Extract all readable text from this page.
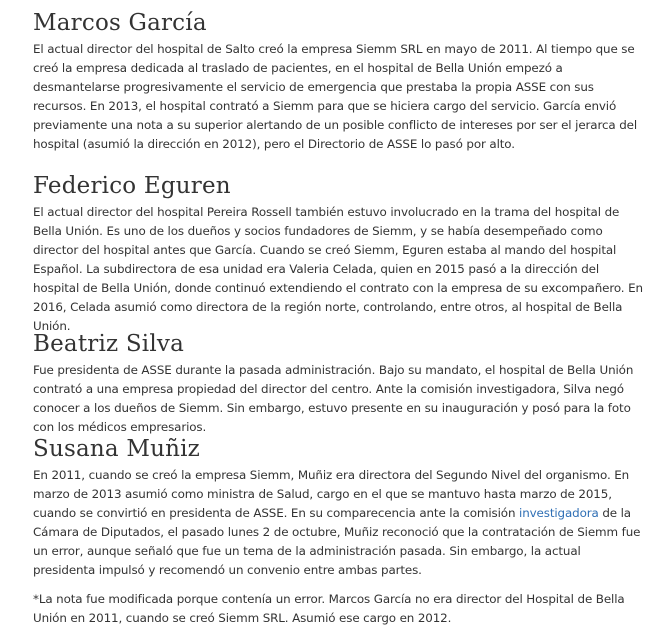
Marcos García

El actual director del hospital de Salto creó la empresa Siemm SRL en mayo de 2011. Al tiempo que se creó la empresa dedicada al traslado de pacientes, en el hospital de Bella Unión empezó a desmantelarse progresivamente el servicio de emergencia que prestaba la propia ASSE con sus recursos. En 2013, el hospital contrató a Siemm para que se hiciera cargo del servicio. García envió previamente una nota a su superior alertando de un posible conflicto de intereses por ser el jerarca del hospital (asumió la dirección en 2012), pero el Directorio de ASSE lo pasó por alto.

Federico Eguren

El actual director del hospital Pereira Rossell también estuvo involucrado en la trama del hospital de Bella Unión. Es uno de los dueños y socios fundadores de Siemm, y se había desempeñado como director del hospital antes que García. Cuando se creó Siemm, Eguren estaba al mando del hospital Español. La subdirectora de esa unidad era Valeria Celada, quien en 2015 pasó a la dirección del hospital de Bella Unión, donde continuó extendiendo el contrato con la empresa de su excompañero. En 2016, Celada asumió como directora de la región norte, controlando, entre otros, al hospital de Bella Unión.

Beatriz Silva

Fue presidenta de ASSE durante la pasada administración. Bajo su mandato, el hospital de Bella Unión contrató a una empresa propiedad del director del centro. Ante la comisión investigadora, Silva negó conocer a los dueños de Siemm. Sin embargo, estuvo presente en su inauguración y posó para la foto con los médicos empresarios.

Susana Muñiz

En 2011, cuando se creó la empresa Siemm, Muñiz era directora del Segundo Nivel del organismo. En marzo de 2013 asumió como ministra de Salud, cargo en el que se mantuvo hasta marzo de 2015, cuando se convirtió en presidenta de ASSE. En su comparecencia ante la comisión investigadora de la Cámara de Diputados, el pasado lunes 2 de octubre, Muñiz reconoció que la contratación de Siemm fue un error, aunque señaló que fue un tema de la administración pasada. Sin embargo, la actual presidenta impulsó y recomendó un convenio entre ambas partes.

*La nota fue modificada porque contenía un error. Marcos García no era director del Hospital de Bella Unión en 2011, cuando se creó Siemm SRL. Asumió ese cargo en 2012.
